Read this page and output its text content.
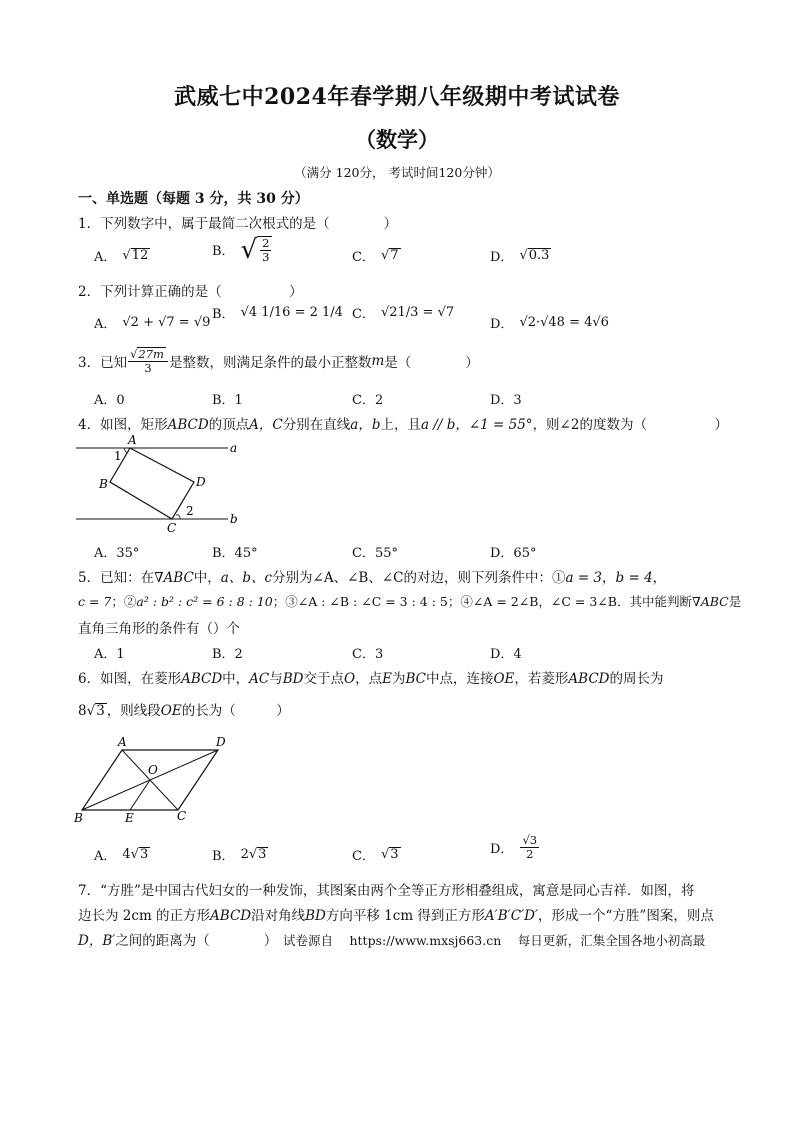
武威七中2024年春学期八年级期中考试试卷
（数学）
（满分 120分， 考试时间120分钟）
一、单选题（每题 3 分，共 30 分）
1．下列数字中，属于最简二次根式的是（　　　　）
A． √ 12	B． √ $\frac{2}{3}$	C． √ 7	D． √ 0.3
2．下列计算正确的是（　　　　　）
A． √2 + √7 = √9
B． √4 1/16 = 2 1/4 C． √21/3 = √7
D． √2·√48 = 4√6
3．已知 $\frac{√27m}{3}$ 是整数，则满足条件的最小正整数 m 是（　　　　）
A．0	B．1	C．2	D．3
4．如图，矩形ABCD的顶点A，C分别在直线a，b上，且a // b，∠1 = 55°，则∠2的度数为（　　　　　）
A
B
C
D
a
b
1
2
A．35°	B．45°	C．55°	D．65°
5．已知：在∇ABC中，a、b、c分别为∠A、∠B、∠C的对边，则下列条件中：①a = 3，b = 4，
c = 7；②a² : b² : c² = 6 : 8 : 10；③∠A : ∠B : ∠C = 3 : 4 : 5；④∠A = 2∠B，∠C = 3∠B．其中能判断∇ABC是
直角三角形的条件有（）个
A．1	B．2	C．3	D．4
6．如图，在菱形ABCD中，AC与BD交于点O，点E为BC中点，连接OE，若菱形ABCD的周长为
8√3 ，则线段OE的长为（　　　）
A	D
O
B	E	C
A． 4 √ 3	B． 2 √ 3	C． √ 3	D． $\frac{√3}{2}$
7．“方胜”是中国古代妇女的一种发饰，其图案由两个全等正方形相叠组成，寓意是同心吉祥．如图，将
边长为 2cm 的正方形ABCD沿对角线BD方向平移 1cm 得到正方形A′B′C′D′，形成一个“方胜”图案，则点
D，B′之间的距离为（　　　　） 试卷源自　 https://www.mxsj663.cn　 每日更新，汇集全国各地小初高最
